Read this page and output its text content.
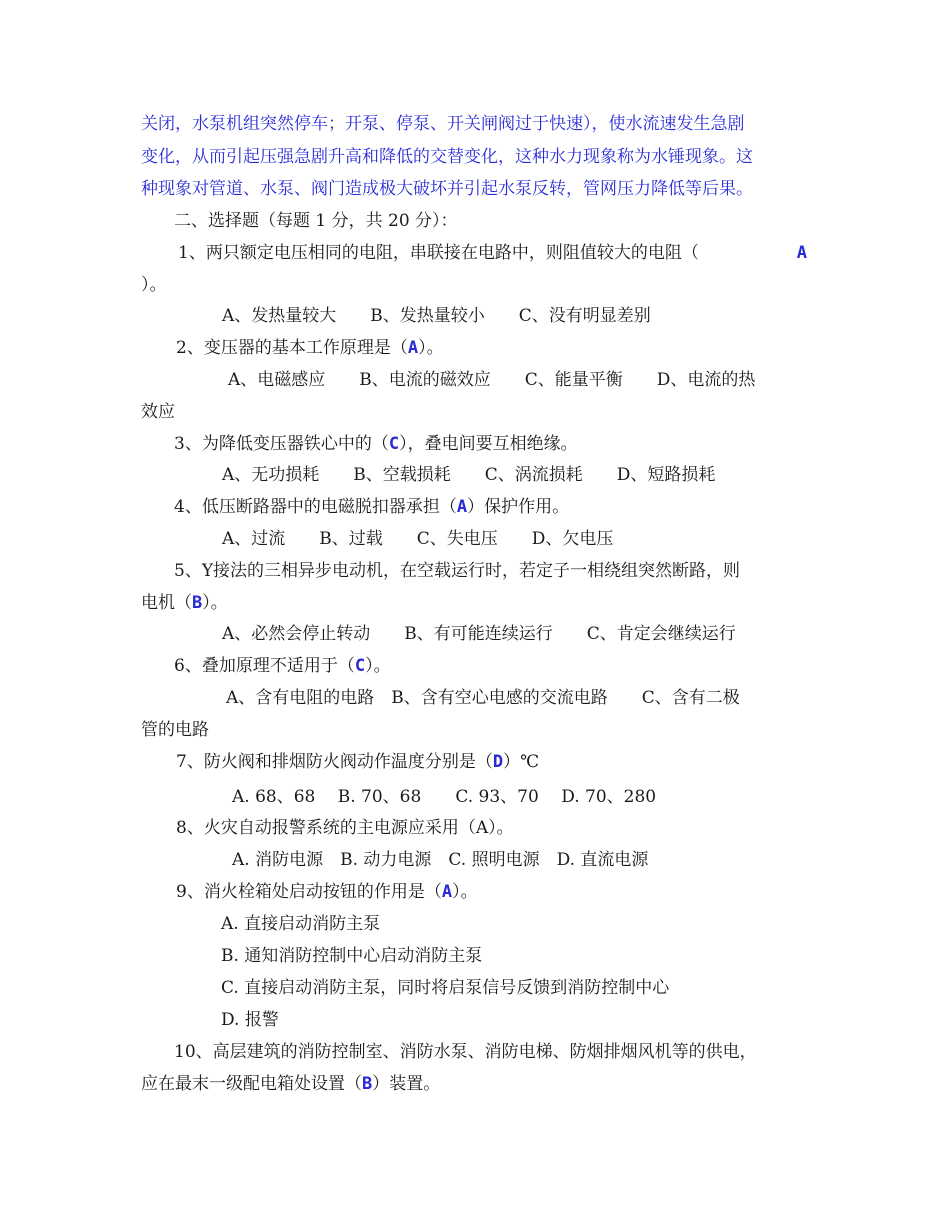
关闭，水泵机组突然停车；开泵、停泵、开关闸阀过于快速），使水流速发生急剧
变化，从而引起压强急剧升高和降低的交替变化，这种水力现象称为水锤现象。这
种现象对管道、水泵、阀门造成极大破坏并引起水泵反转，管网压力降低等后果。
二、选择题（每题 1 分，共 20 分）：
1、两只额定电压相同的电阻，串联接在电路中，则阻值较大的电阻（	A
）。
A、发热量较大　　B、发热量较小　　C、没有明显差别
2、变压器的基本工作原理是（A）。
A、电磁感应　　B、电流的磁效应　　C、能量平衡　　D、电流的热
效应
3、为降低变压器铁心中的（C），叠电间要互相绝缘。
A、无功损耗　　B、空载损耗　　C、涡流损耗　　D、短路损耗
4、低压断路器中的电磁脱扣器承担（A）保护作用。
A、过流　　B、过载　　C、失电压　　D、欠电压
5、Y接法的三相异步电动机，在空载运行时，若定子一相绕组突然断路，则
电机（B）。
A、必然会停止转动　　B、有可能连续运行　　C、肯定会继续运行
6、叠加原理不适用于（C）。
A、含有电阻的电路　B、含有空心电感的交流电路　　C、含有二极
管的电路
7、防火阀和排烟防火阀动作温度分别是（D）℃
A. 68、68　 B. 70、68　　C. 93、70　 D. 70、280
8、火灾自动报警系统的主电源应采用（A）。
A. 消防电源　B. 动力电源　C. 照明电源　D. 直流电源
9、消火栓箱处启动按钮的作用是（A）。
A. 直接启动消防主泵
B. 通知消防控制中心启动消防主泵
C. 直接启动消防主泵，同时将启泵信号反馈到消防控制中心
D. 报警
10、高层建筑的消防控制室、消防水泵、消防电梯、防烟排烟风机等的供电，
应在最末一级配电箱处设置（B）装置。
